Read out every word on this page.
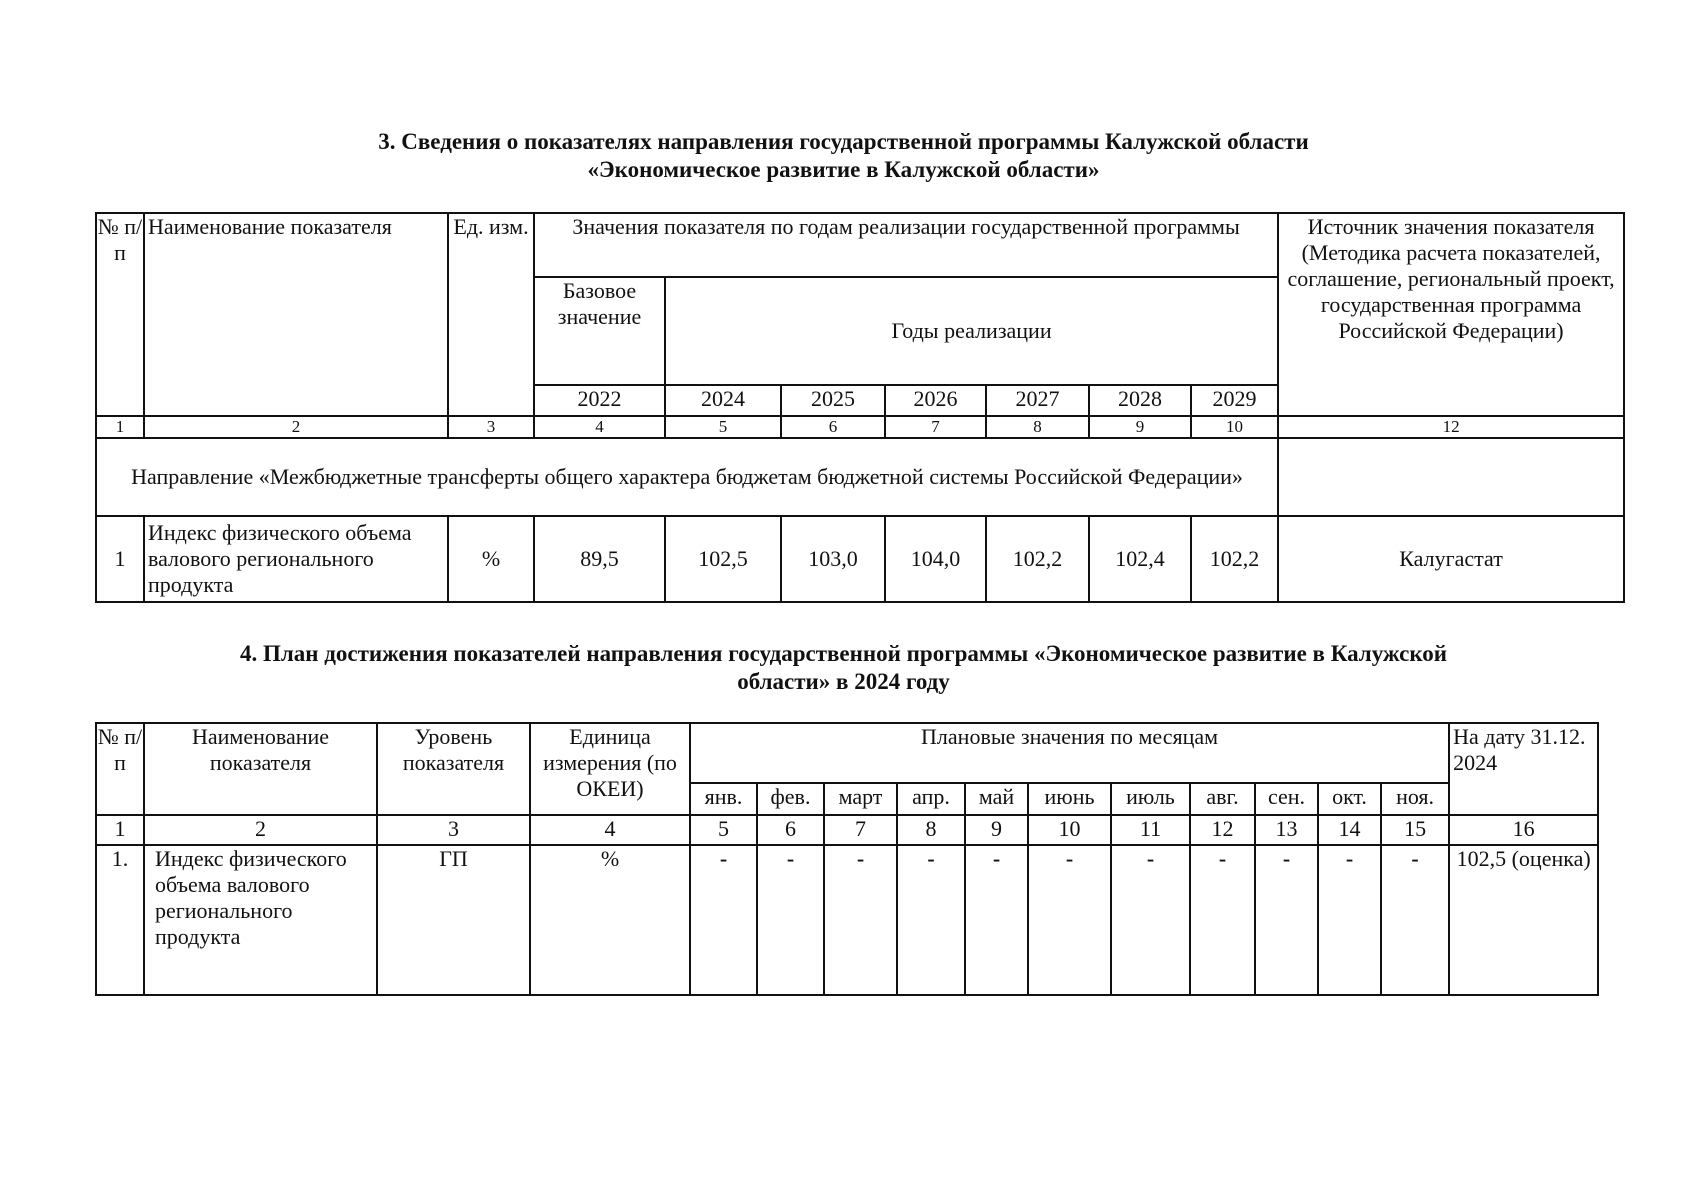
3. Сведения о показателях направления государственной программы Калужской области
«Экономическое развитие в Калужской области»
№ п/п	Наименование показателя	Ед. изм.	Значения показателя по годам реализации государственной программы							Источник значения показателя (Методика расчета показателей, соглашение, региональный проект, государственная программа Российской Федерации)
			Базовое значение	Годы реализации						
			2022	2024	2025	2026	2027	2028	2029	
1	2	3	4	5	6	7	8	9	10	12
Направление «Межбюджетные трансферты общего характера бюджетам бюджетной системы Российской Федерации»										
1	Индекс физического объема валового регионального продукта	%	89,5	102,5	103,0	104,0	102,2	102,4	102,2	Калугастат
4. План достижения показателей направления государственной программы «Экономическое развитие в Калужской
области» в 2024 году
№ п/п	Наименование показателя	Уровень показателя	Единица измерения (по ОКЕИ)	Плановые значения по месяцам											На дату 31.12. 2024
				янв.	фев.	март	апр.	май	июнь	июль	авг.	сен.	окт.	ноя.	
1	2	3	4	5	6	7	8	9	10	11	12	13	14	15	16
1.	Индекс физического объема валового регионального продукта	ГП	%	-	-	-	-	-	-	-	-	-	-	-	102,5 (оценка)
